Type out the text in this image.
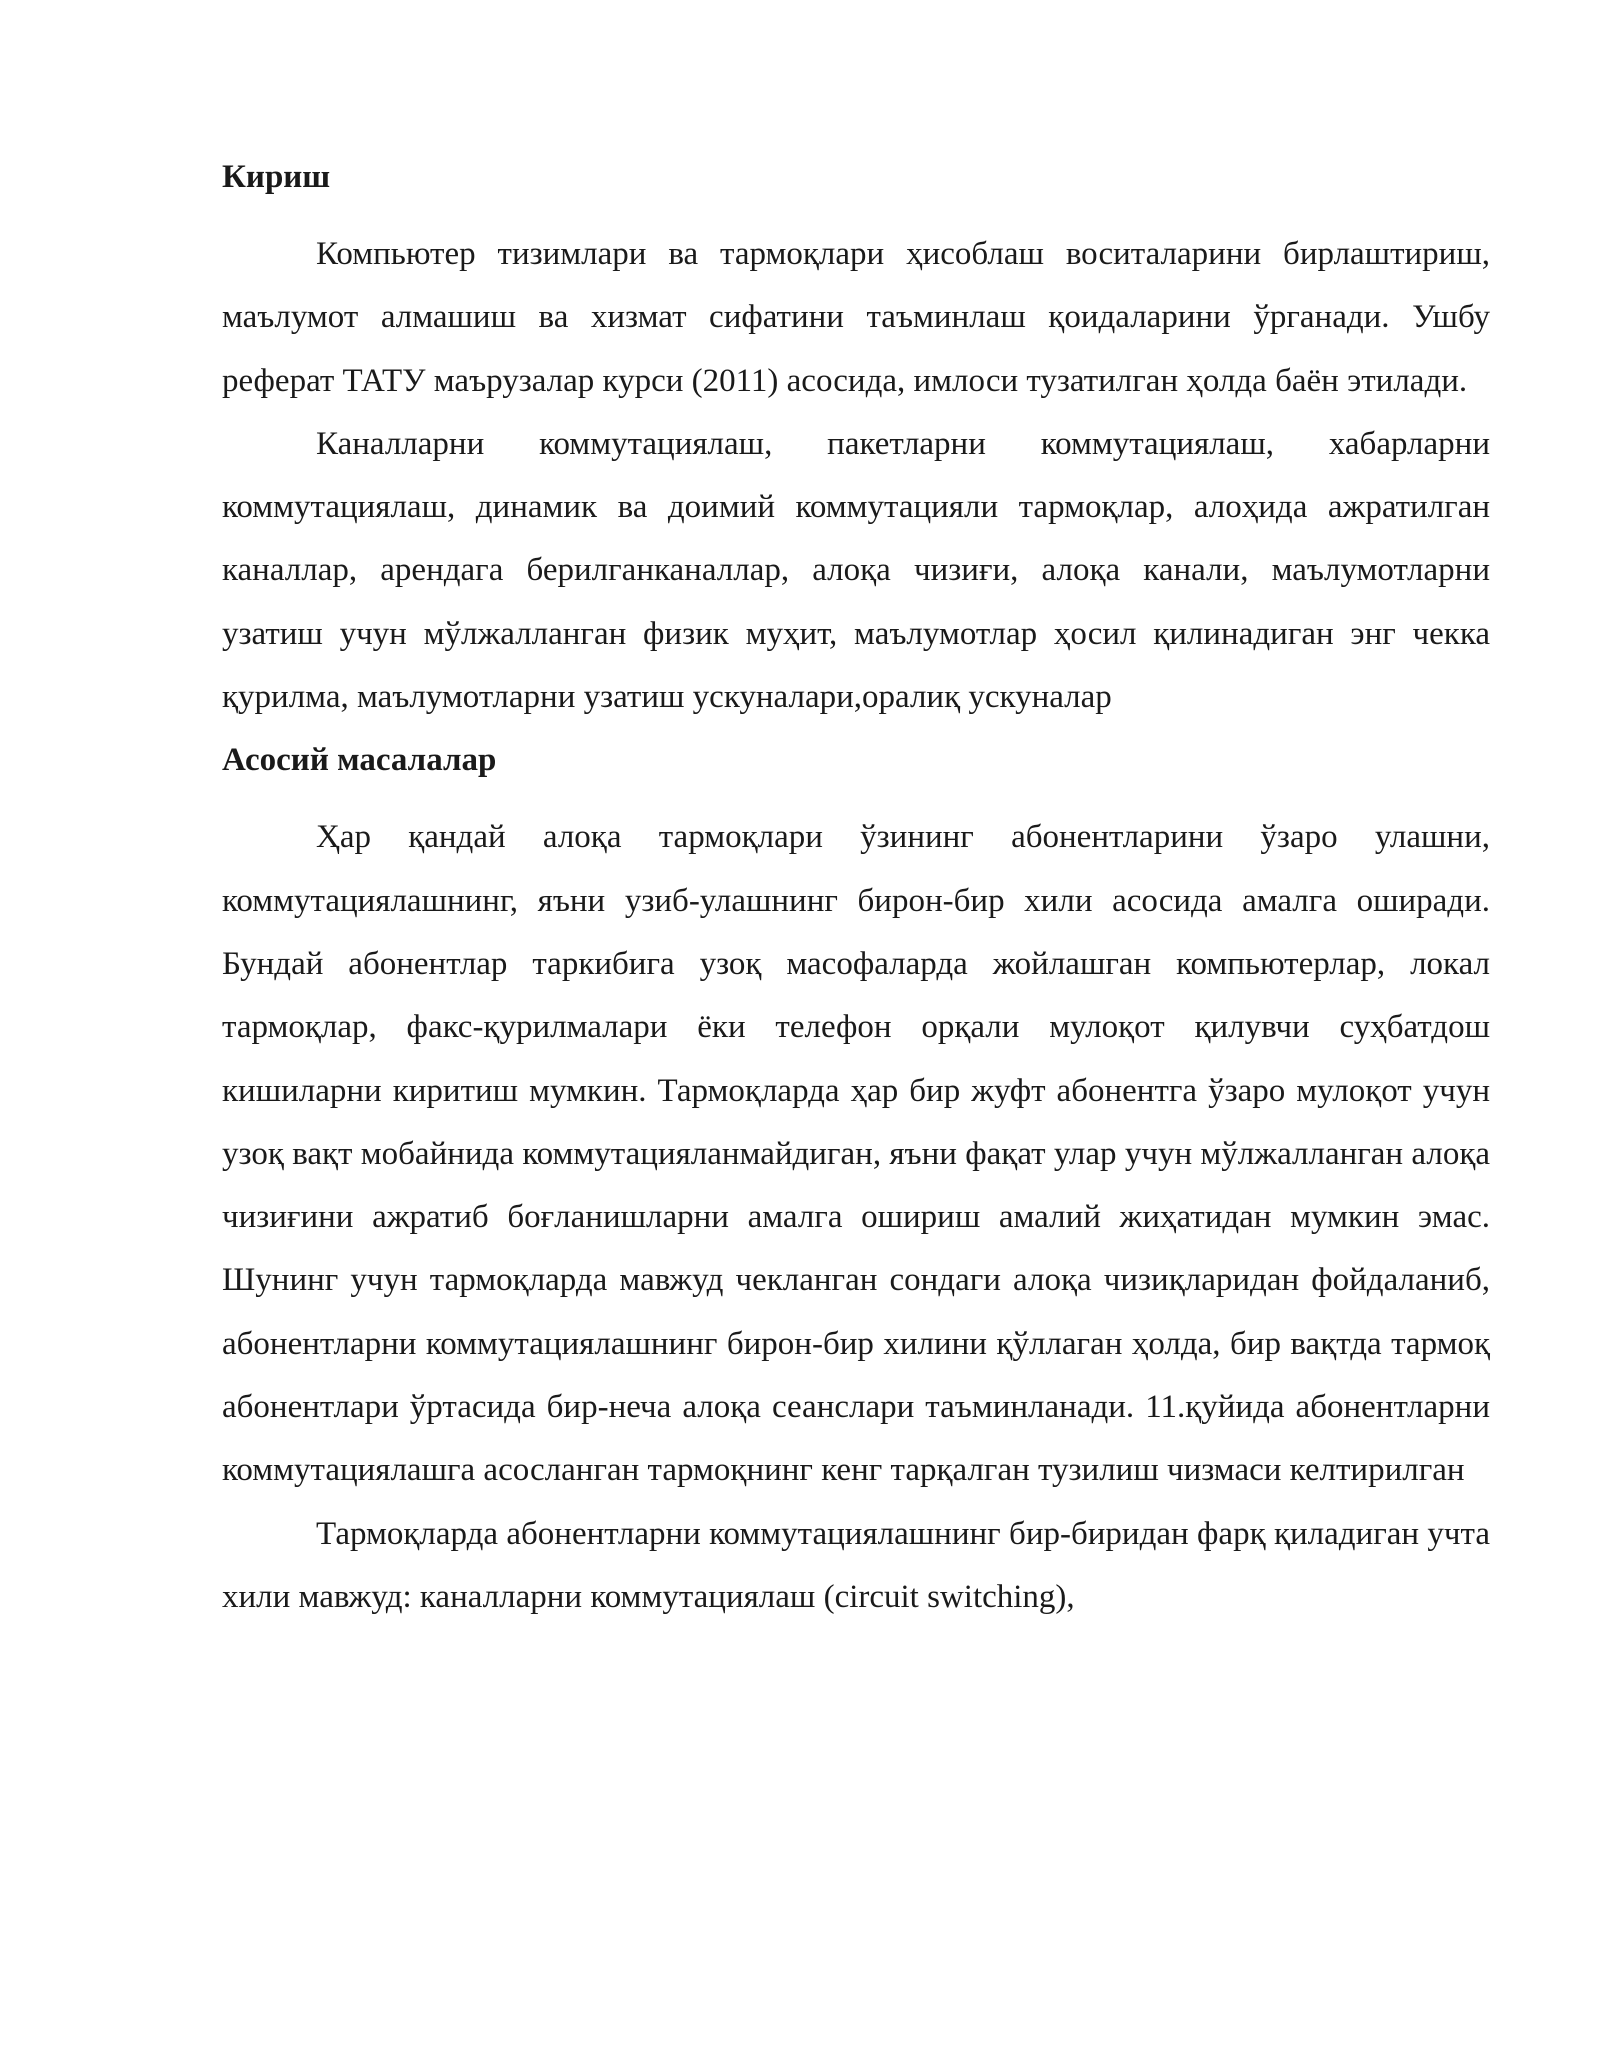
Кириш

Компьютер тизимлари ва тармоқлари ҳисоблаш воситаларини бирлаштириш, маълумот алмашиш ва хизмат сифатини таъминлаш қоидаларини ўрганади. Ушбу реферат ТАТУ маърузалар курси (2011) асосида, имлоси тузатилган ҳолда баён этилади.

Каналларни коммутациялаш, пакетларни коммутациялаш, хабарларни коммутациялаш, динамик ва доимий коммутацияли тармоқлар, алоҳида ажратилган каналлар, арендага берилганканаллар, алоқа чизиғи, алоқа канали, маълумотларни узатиш учун мўлжалланган физик муҳит, маълумотлар ҳосил қилинадиган энг чекка қурилма, маълумотларни узатиш ускуналари,оралиқ ускуналар

Асосий масалалар

Ҳар қандай алоқа тармоқлари ўзининг абонентларини ўзаро улашни, коммутациялашнинг, яъни узиб-улашнинг бирон-бир хили асосида амалга оширади. Бундай абонентлар таркибига узоқ масофаларда жойлашган компьютерлар, локал тармоқлар, факс-қурилмалари ёки телефон орқали мулоқот қилувчи суҳбатдош кишиларни киритиш мумкин. Тармоқларда ҳар бир жуфт абонентга ўзаро мулоқот учун узоқ вақт мобайнида коммутацияланмайдиган, яъни фақат улар учун мўлжалланган алоқа чизиғини ажратиб боғланишларни амалга ошириш амалий жиҳатидан мумкин эмас. Шунинг учун тармоқларда мавжуд чекланган сондаги алоқа чизиқларидан фойдаланиб, абонентларни коммутациялашнинг бирон-бир хилини қўллаган ҳолда, бир вақтда тармоқ абонентлари ўртасида бир-неча алоқа сеанслари таъминланади. 11.қуйида абонентларни коммутациялашга асосланган тармоқнинг кенг тарқалган тузилиш чизмаси келтирилган

Тармоқларда абонентларни коммутациялашнинг бир-биридан фарқ қиладиган учта хили мавжуд: каналларни коммутациялаш (circuit switching),
